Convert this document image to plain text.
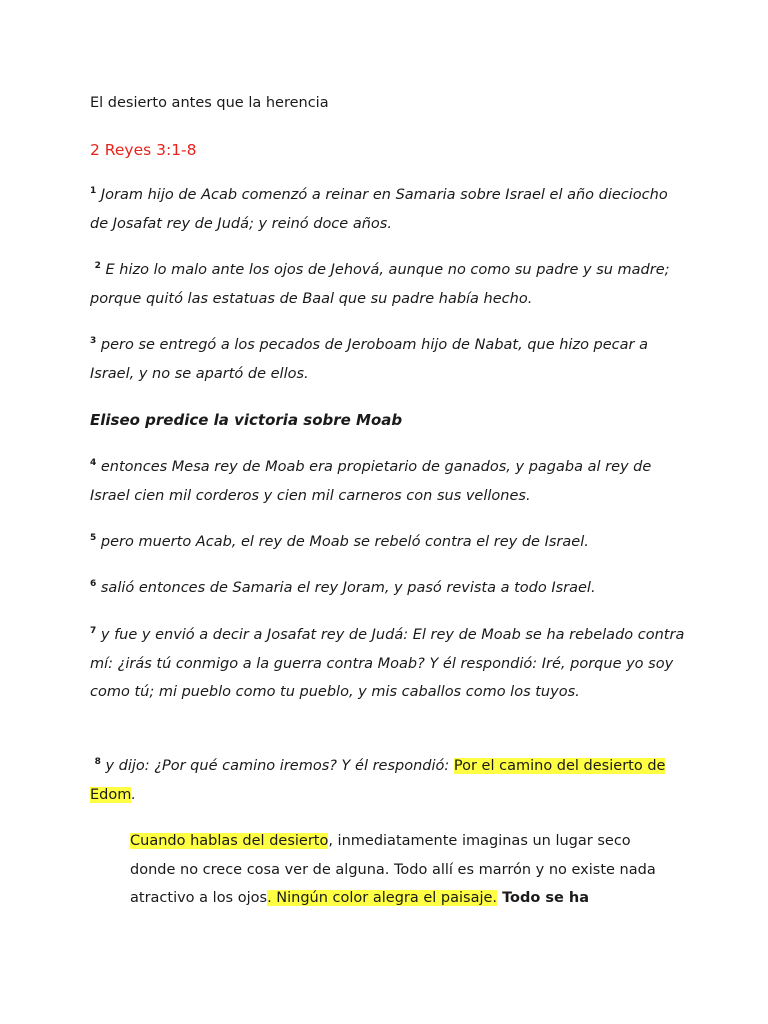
El desierto antes que la herencia

2 Reyes 3:1-8

$^1$ Joram hijo de Acab comenzó a reinar en Samaria sobre Israel el año dieciocho de Josafat rey de Judá; y reinó doce años.

$^2$ E hizo lo malo ante los ojos de Jehová, aunque no como su padre y su madre; porque quitó las estatuas de Baal que su padre había hecho.

$^3$ pero se entregó a los pecados de Jeroboam hijo de Nabat, que hizo pecar a Israel, y no se apartó de ellos.

Eliseo predice la victoria sobre Moab

$^4$ entonces Mesa rey de Moab era propietario de ganados, y pagaba al rey de Israel cien mil corderos y cien mil carneros con sus vellones.

$^5$ pero muerto Acab, el rey de Moab se rebeló contra el rey de Israel.

$^6$ salió entonces de Samaria el rey Joram, y pasó revista a todo Israel.

$^7$ y fue y envió a decir a Josafat rey de Judá: El rey de Moab se ha rebelado contra mí: ¿irás tú conmigo a la guerra contra Moab? Y él respondió: Iré, porque yo soy como tú; mi pueblo como tu pueblo, y mis caballos como los tuyos.

$^8$ y dijo: ¿Por qué camino iremos? Y él respondió: Por el camino del desierto de Edom.

Cuando hablas del desierto, inmediatamente imaginas un lugar seco donde no crece cosa ver de alguna. Todo allí es marrón y no existe nada atractivo a los ojos. Ningún color alegra el paisaje. Todo se ha
